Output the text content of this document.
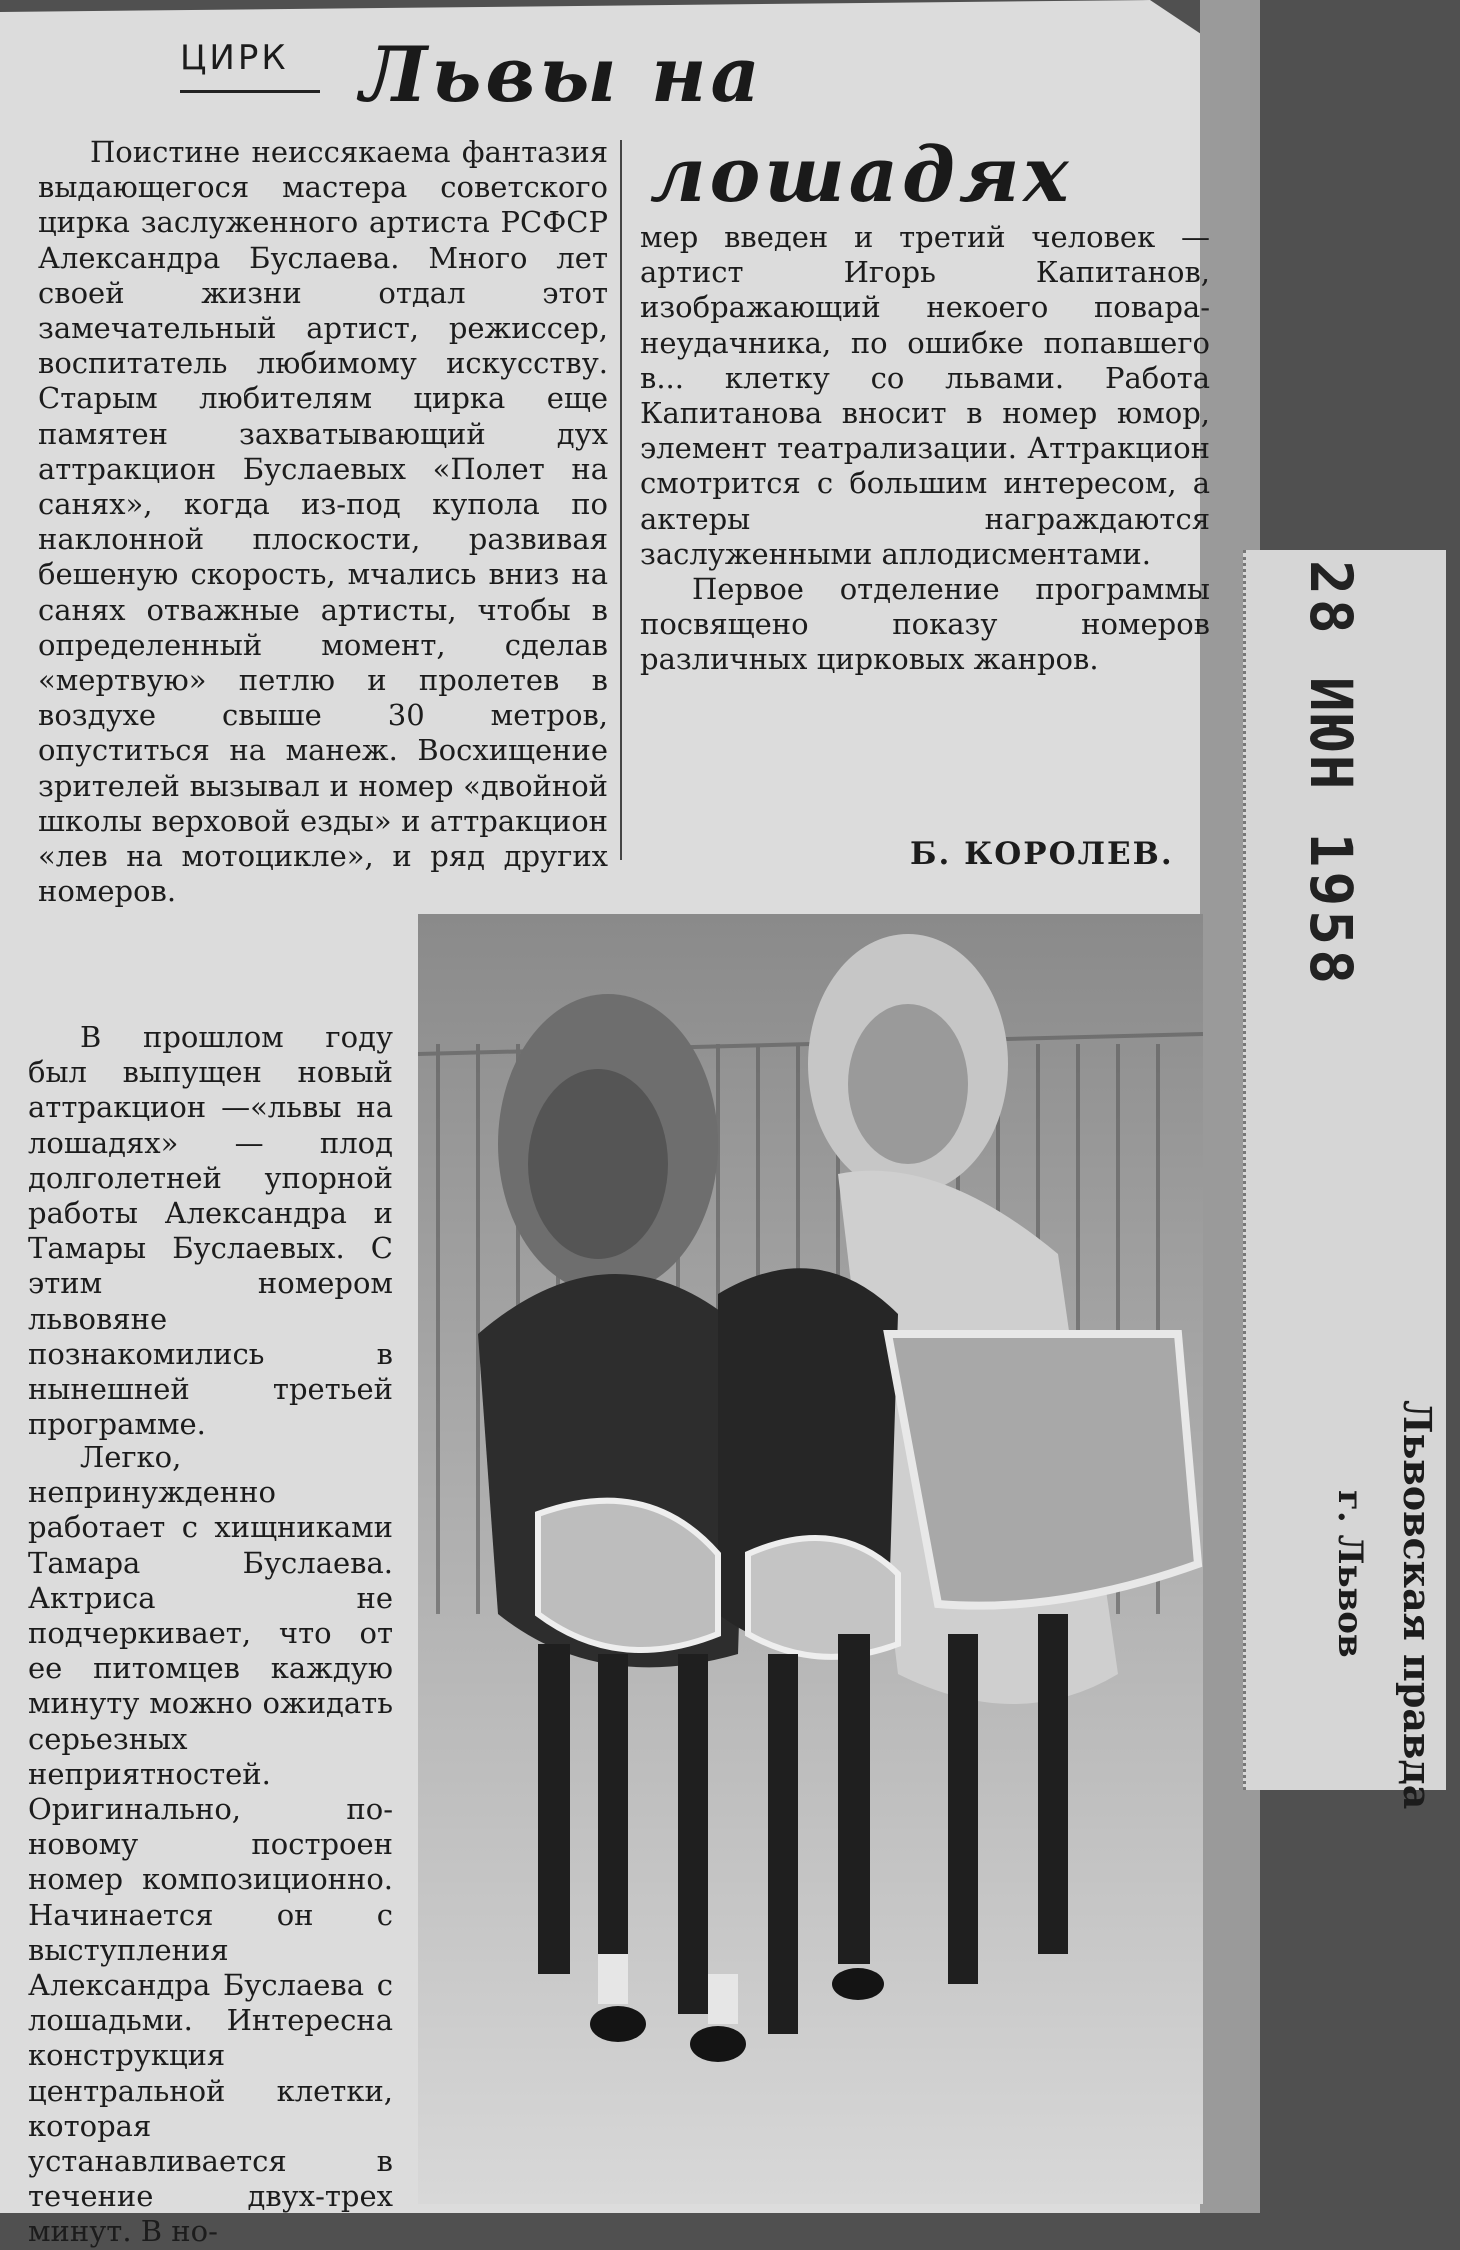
ЦИРК Львы на
лошадях

Поистине неиссякаема фантазия выдающегося мастера советского цирка заслуженного артиста РСФСР Александра Буслаева. Много лет своей жизни отдал этот замечательный артист, режиссер, воспитатель любимому искусству. Старым любителям цирка еще памятен захватывающий дух аттракцион Буслаевых «Полет на санях», когда из-под купола по наклонной плоскости, развивая бешеную скорость, мчались вниз на санях отважные артисты, чтобы в определенный момент, сделав «мертвую» петлю и пролетев в воздухе свыше 30 метров, опуститься на манеж. Восхищение зрителей вызывал и номер «двойной школы верховой езды» и аттракцион «лев на мотоцикле», и ряд других номеров.

мер введен и третий человек — артист Игорь Капитанов, изображающий некоего повара-неудачника, по ошибке попавшего в... клетку со львами. Работа Капитанова вносит в номер юмор, элемент театрализации. Аттракцион смотрится с большим интересом, а актеры награждаются заслуженными аплодисментами.

Первое отделение программы посвящено показу номеров различных цирковых жанров.

Б. КОРОЛЕВ.

В прошлом году был выпущен новый аттракцион —«львы на лошадях» — плод долголетней упорной работы Александра и Тамары Буслаевых. С этим номером львовяне познакомились в нынешней третьей программе.

Легко, непринужденно работает с хищниками Тамара Буслаева. Актриса не подчеркивает, что от ее питомцев каждую минуту можно ожидать серьезных неприятностей. Оригинально, по-новому построен номер композиционно. Начинается он с выступления Александра Буслаева с лошадьми. Интересна конструкция центральной клетки, которая устанавливается в течение двух-трех минут. В но-

28 ИЮН 1958
Львовская правда
г. Львов
